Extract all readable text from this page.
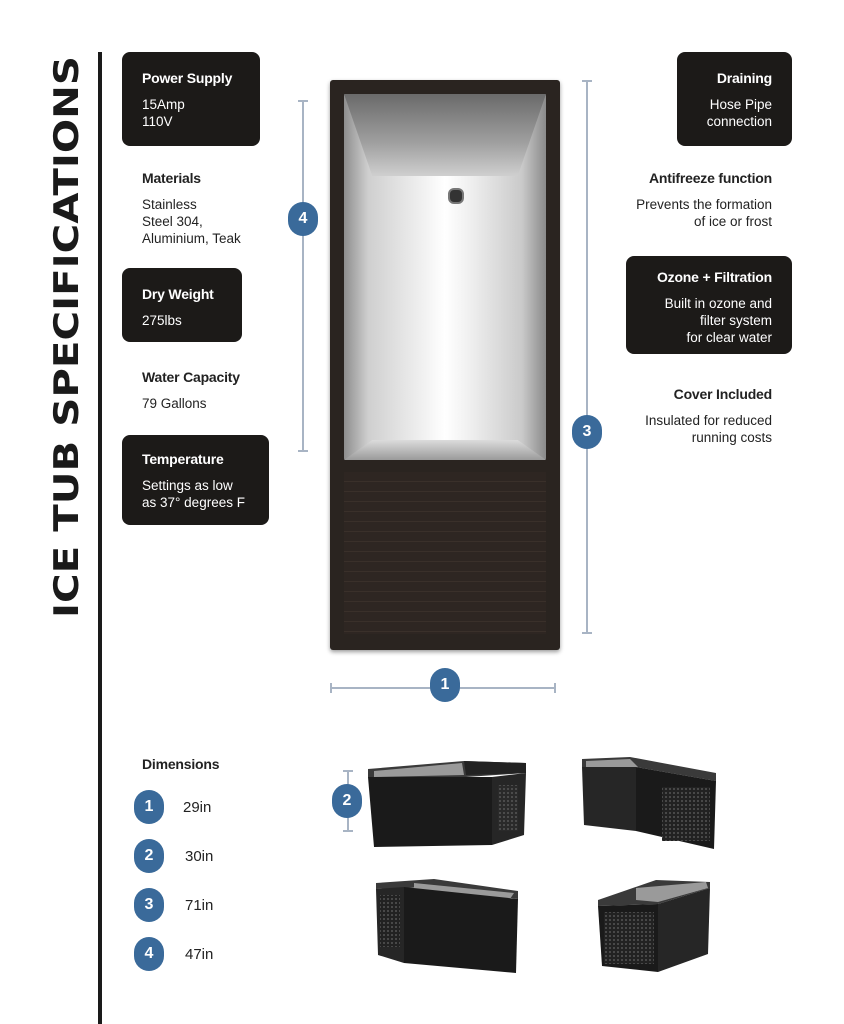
ICE TUB SPECIFICATIONS
Power Supply
15Amp
110V
Materials
Stainless
Steel 304,
Aluminium, Teak
Dry Weight
275lbs
Water Capacity
79 Gallons
Temperature
Settings as low
as 37° degrees F
Draining
Hose Pipe
connection
Antifreeze function
Prevents the formation
of ice or frost
Ozone + Filtration
Built in ozone and
filter system
for clear water
Cover Included
Insulated for reduced
running costs
4
3
1
2
Dimensions
1	29in
2	30in
3	71in
4	47in
